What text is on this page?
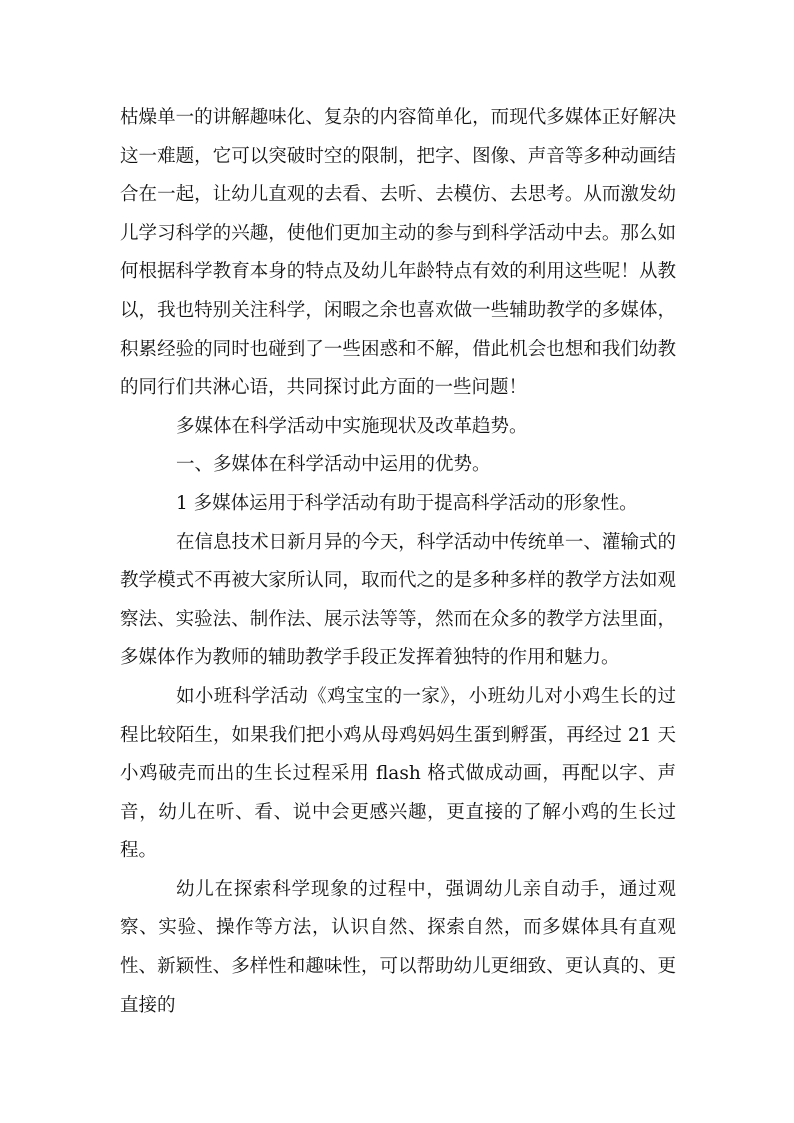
枯燥单一的讲解趣味化、复杂的内容简单化，而现代多媒体正好解决这一难题，它可以突破时空的限制，把字、图像、声音等多种动画结合在一起，让幼儿直观的去看、去听、去模仿、去思考。从而激发幼儿学习科学的兴趣，使他们更加主动的参与到科学活动中去。那么如何根据科学教育本身的特点及幼儿年龄特点有效的利用这些呢！从教以，我也特别关注科学，闲暇之余也喜欢做一些辅助教学的多媒体，积累经验的同时也碰到了一些困惑和不解，借此机会也想和我们幼教的同行们共淋心语，共同探讨此方面的一些问题！

多媒体在科学活动中实施现状及改革趋势。

一、多媒体在科学活动中运用的优势。

1 多媒体运用于科学活动有助于提高科学活动的形象性。

在信息技术日新月异的今天，科学活动中传统单一、灌输式的教学模式不再被大家所认同，取而代之的是多种多样的教学方法如观察法、实验法、制作法、展示法等等，然而在众多的教学方法里面，多媒体作为教师的辅助教学手段正发挥着独特的作用和魅力。

如小班科学活动《鸡宝宝的一家》，小班幼儿对小鸡生长的过程比较陌生，如果我们把小鸡从母鸡妈妈生蛋到孵蛋，再经过 21 天小鸡破壳而出的生长过程采用 flash 格式做成动画，再配以字、声音，幼儿在听、看、说中会更感兴趣，更直接的了解小鸡的生长过程。

幼儿在探索科学现象的过程中，强调幼儿亲自动手，通过观察、实验、操作等方法，认识自然、探索自然，而多媒体具有直观性、新颖性、多样性和趣味性，可以帮助幼儿更细致、更认真的、更直接的
